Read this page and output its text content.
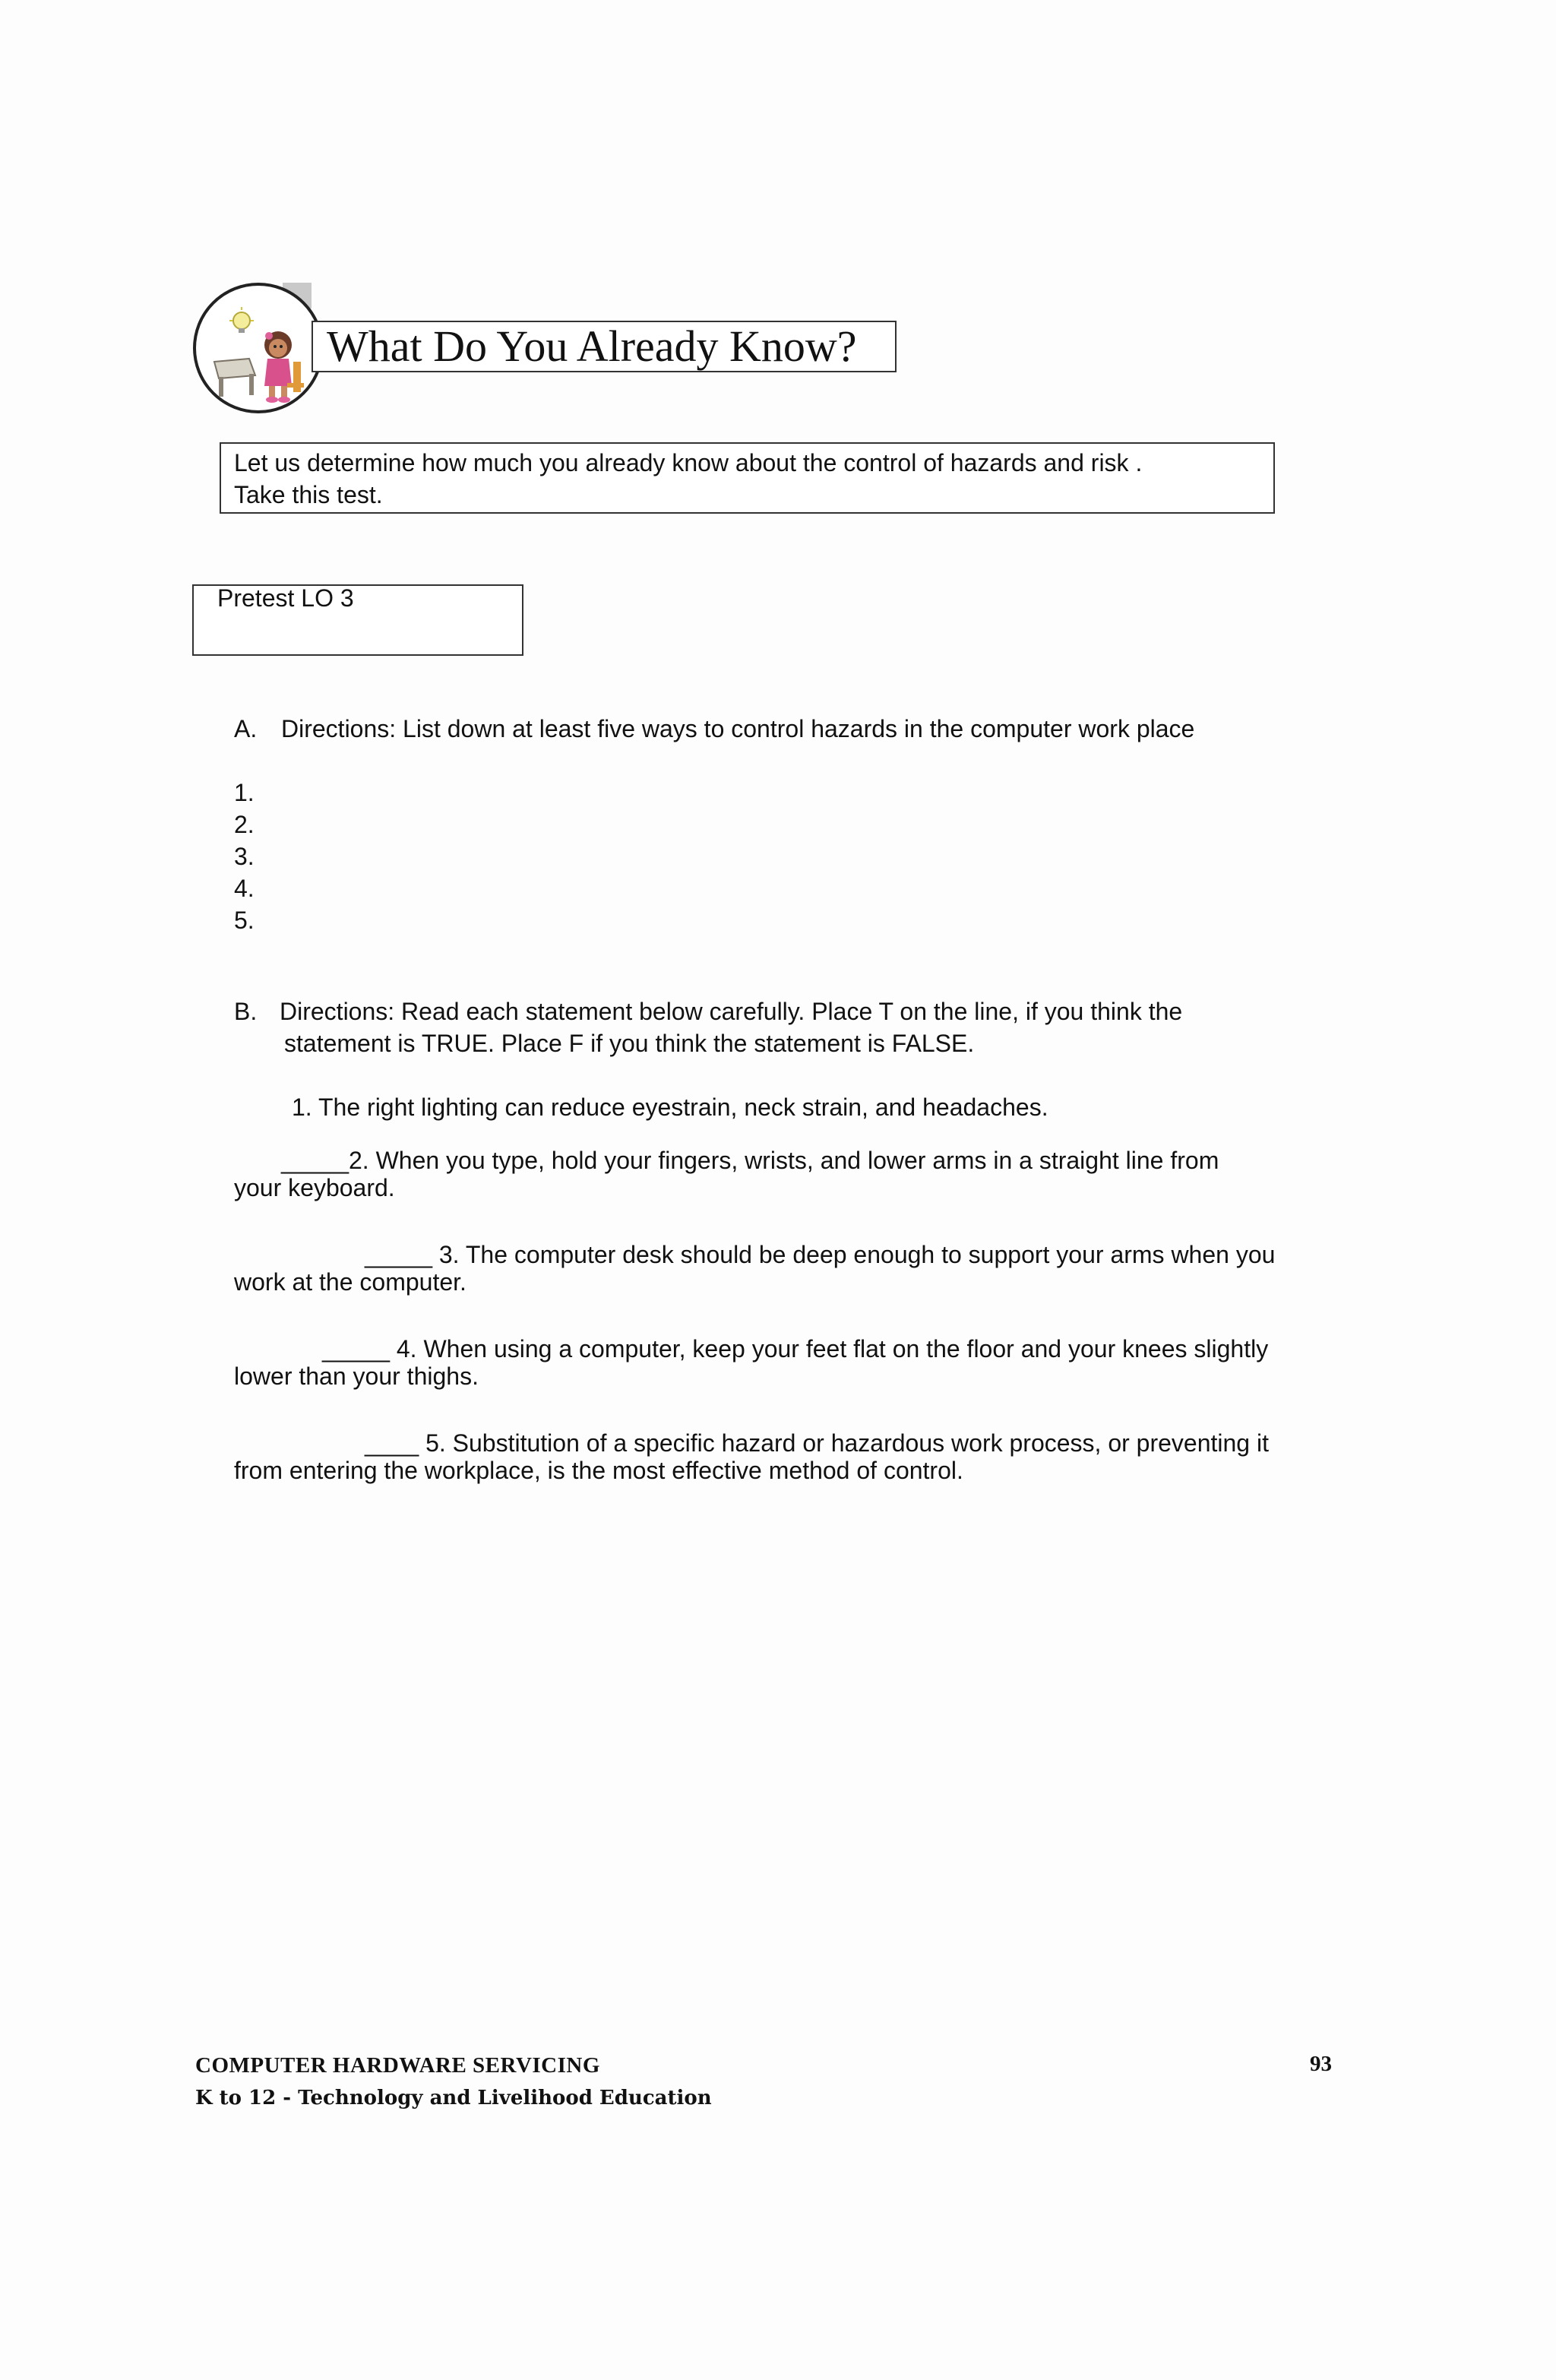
What Do You Already Know?
Let us determine how much you already know about the control of hazards and risk .
Take this test.
Pretest LO 3
A. Directions: List down at least five ways to control hazards in the computer work place
1.
2.
3.
4.
5.
B. Directions: Read each statement below carefully. Place T on the line, if you think the
statement is TRUE. Place F if you think the statement is FALSE.
1. The right lighting can reduce eyestrain, neck strain, and headaches.
_____2. When you type, hold your fingers, wrists, and lower arms in a straight line from
your keyboard.
_____ 3. The computer desk should be deep enough to support your arms when you
work at the computer.
_____ 4. When using a computer, keep your feet flat on the floor and your knees slightly
lower than your thighs.
____ 5. Substitution of a specific hazard or hazardous work process, or preventing it
from entering the workplace, is the most effective method of control.
COMPUTER HARDWARE SERVICING
K to 12 - Technology and Livelihood Education
93
